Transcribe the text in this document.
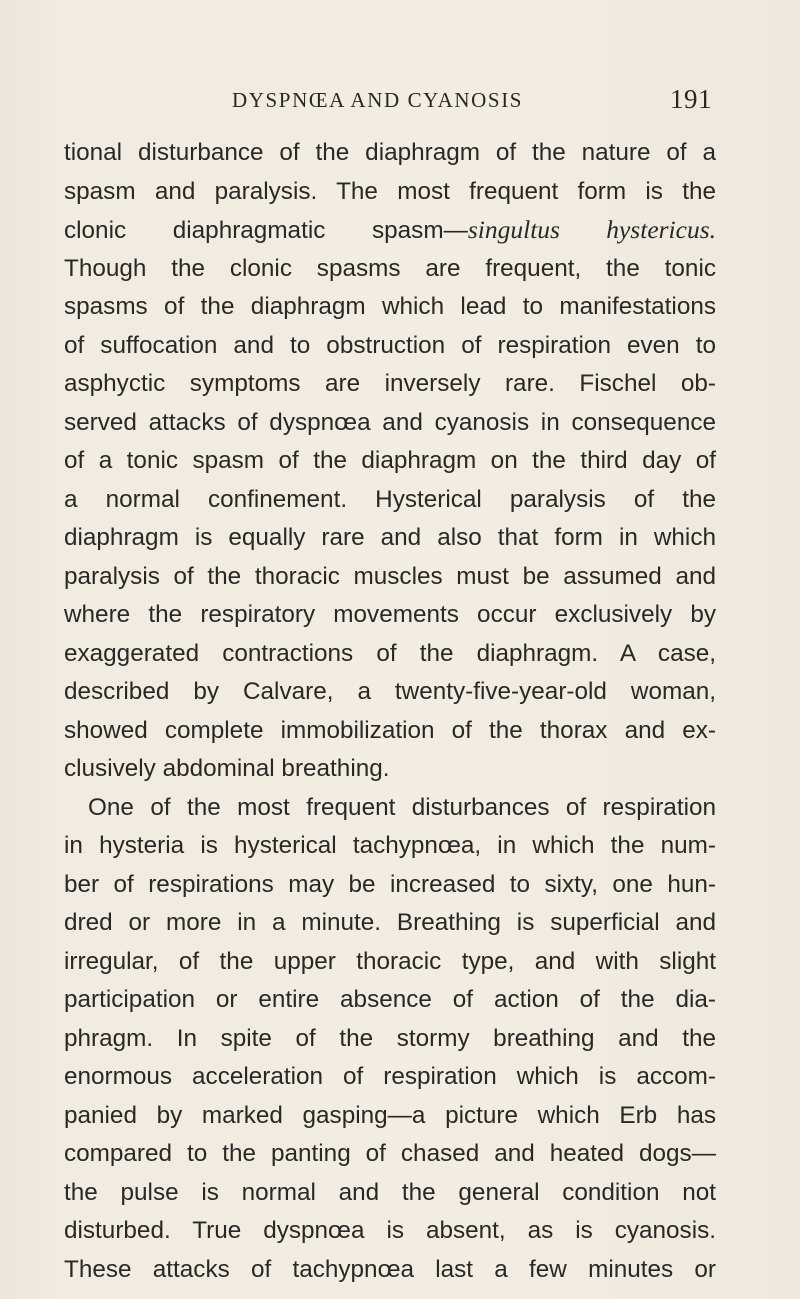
DYSPNŒA AND CYANOSIS	191

tional disturbance of the diaphragm of the nature of a
spasm and paralysis. The most frequent form is the
clonic diaphragmatic spasm—singultus hystericus.
Though the clonic spasms are frequent, the tonic
spasms of the diaphragm which lead to manifestations
of suffocation and to obstruction of respiration even to
asphyctic symptoms are inversely rare. Fischel ob-
served attacks of dyspnœa and cyanosis in consequence
of a tonic spasm of the diaphragm on the third day of
a normal confinement. Hysterical paralysis of the
diaphragm is equally rare and also that form in which
paralysis of the thoracic muscles must be assumed and
where the respiratory movements occur exclusively by
exaggerated contractions of the diaphragm. A case,
described by Calvare, a twenty-five-year-old woman,
showed complete immobilization of the thorax and ex-
clusively abdominal breathing.

One of the most frequent disturbances of respiration
in hysteria is hysterical tachypnœa, in which the num-
ber of respirations may be increased to sixty, one hun-
dred or more in a minute. Breathing is superficial and
irregular, of the upper thoracic type, and with slight
participation or entire absence of action of the dia-
phragm. In spite of the stormy breathing and the
enormous acceleration of respiration which is accom-
panied by marked gasping—a picture which Erb has
compared to the panting of chased and heated dogs—
the pulse is normal and the general condition not
disturbed. True dyspnœa is absent, as is cyanosis.
These attacks of tachypnœa last a few minutes or
